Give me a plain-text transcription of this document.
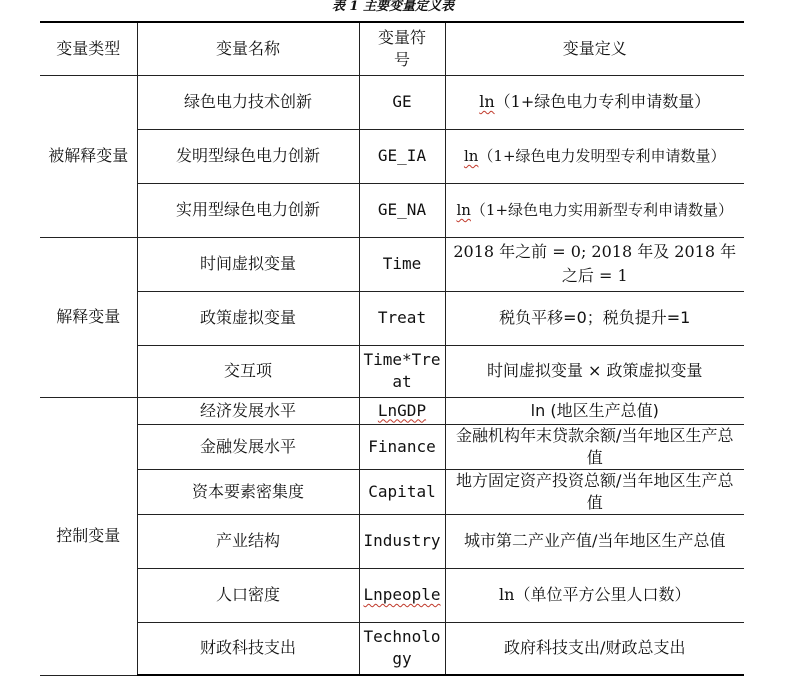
表 1 主要变量定义表
变量类型	变量名称	变量符号	变量定义
被解释变量	绿色电力技术创新	GE	ln（1+绿色电力专利申请数量）
	发明型绿色电力创新	GE_IA	ln（1+绿色电力发明型专利申请数量）
	实用型绿色电力创新	GE_NA	ln（1+绿色电力实用新型专利申请数量）
解释变量	时间虚拟变量	Time	2018 年之前 = 0; 2018 年及 2018 年之后 = 1
	政策虚拟变量	Treat	税负平移=0；税负提升=1
	交互项	Time*Treat	时间虚拟变量 × 政策虚拟变量
控制变量	经济发展水平	LnGDP	ln (地区生产总值)
	金融发展水平	Finance	金融机构年末贷款余额/当年地区生产总值
	资本要素密集度	Capital	地方固定资产投资总额/当年地区生产总值
	产业结构	Industry	城市第二产业产值/当年地区生产总值
	人口密度	Lnpeople	ln（单位平方公里人口数）
	财政科技支出	Technology	政府科技支出/财政总支出
